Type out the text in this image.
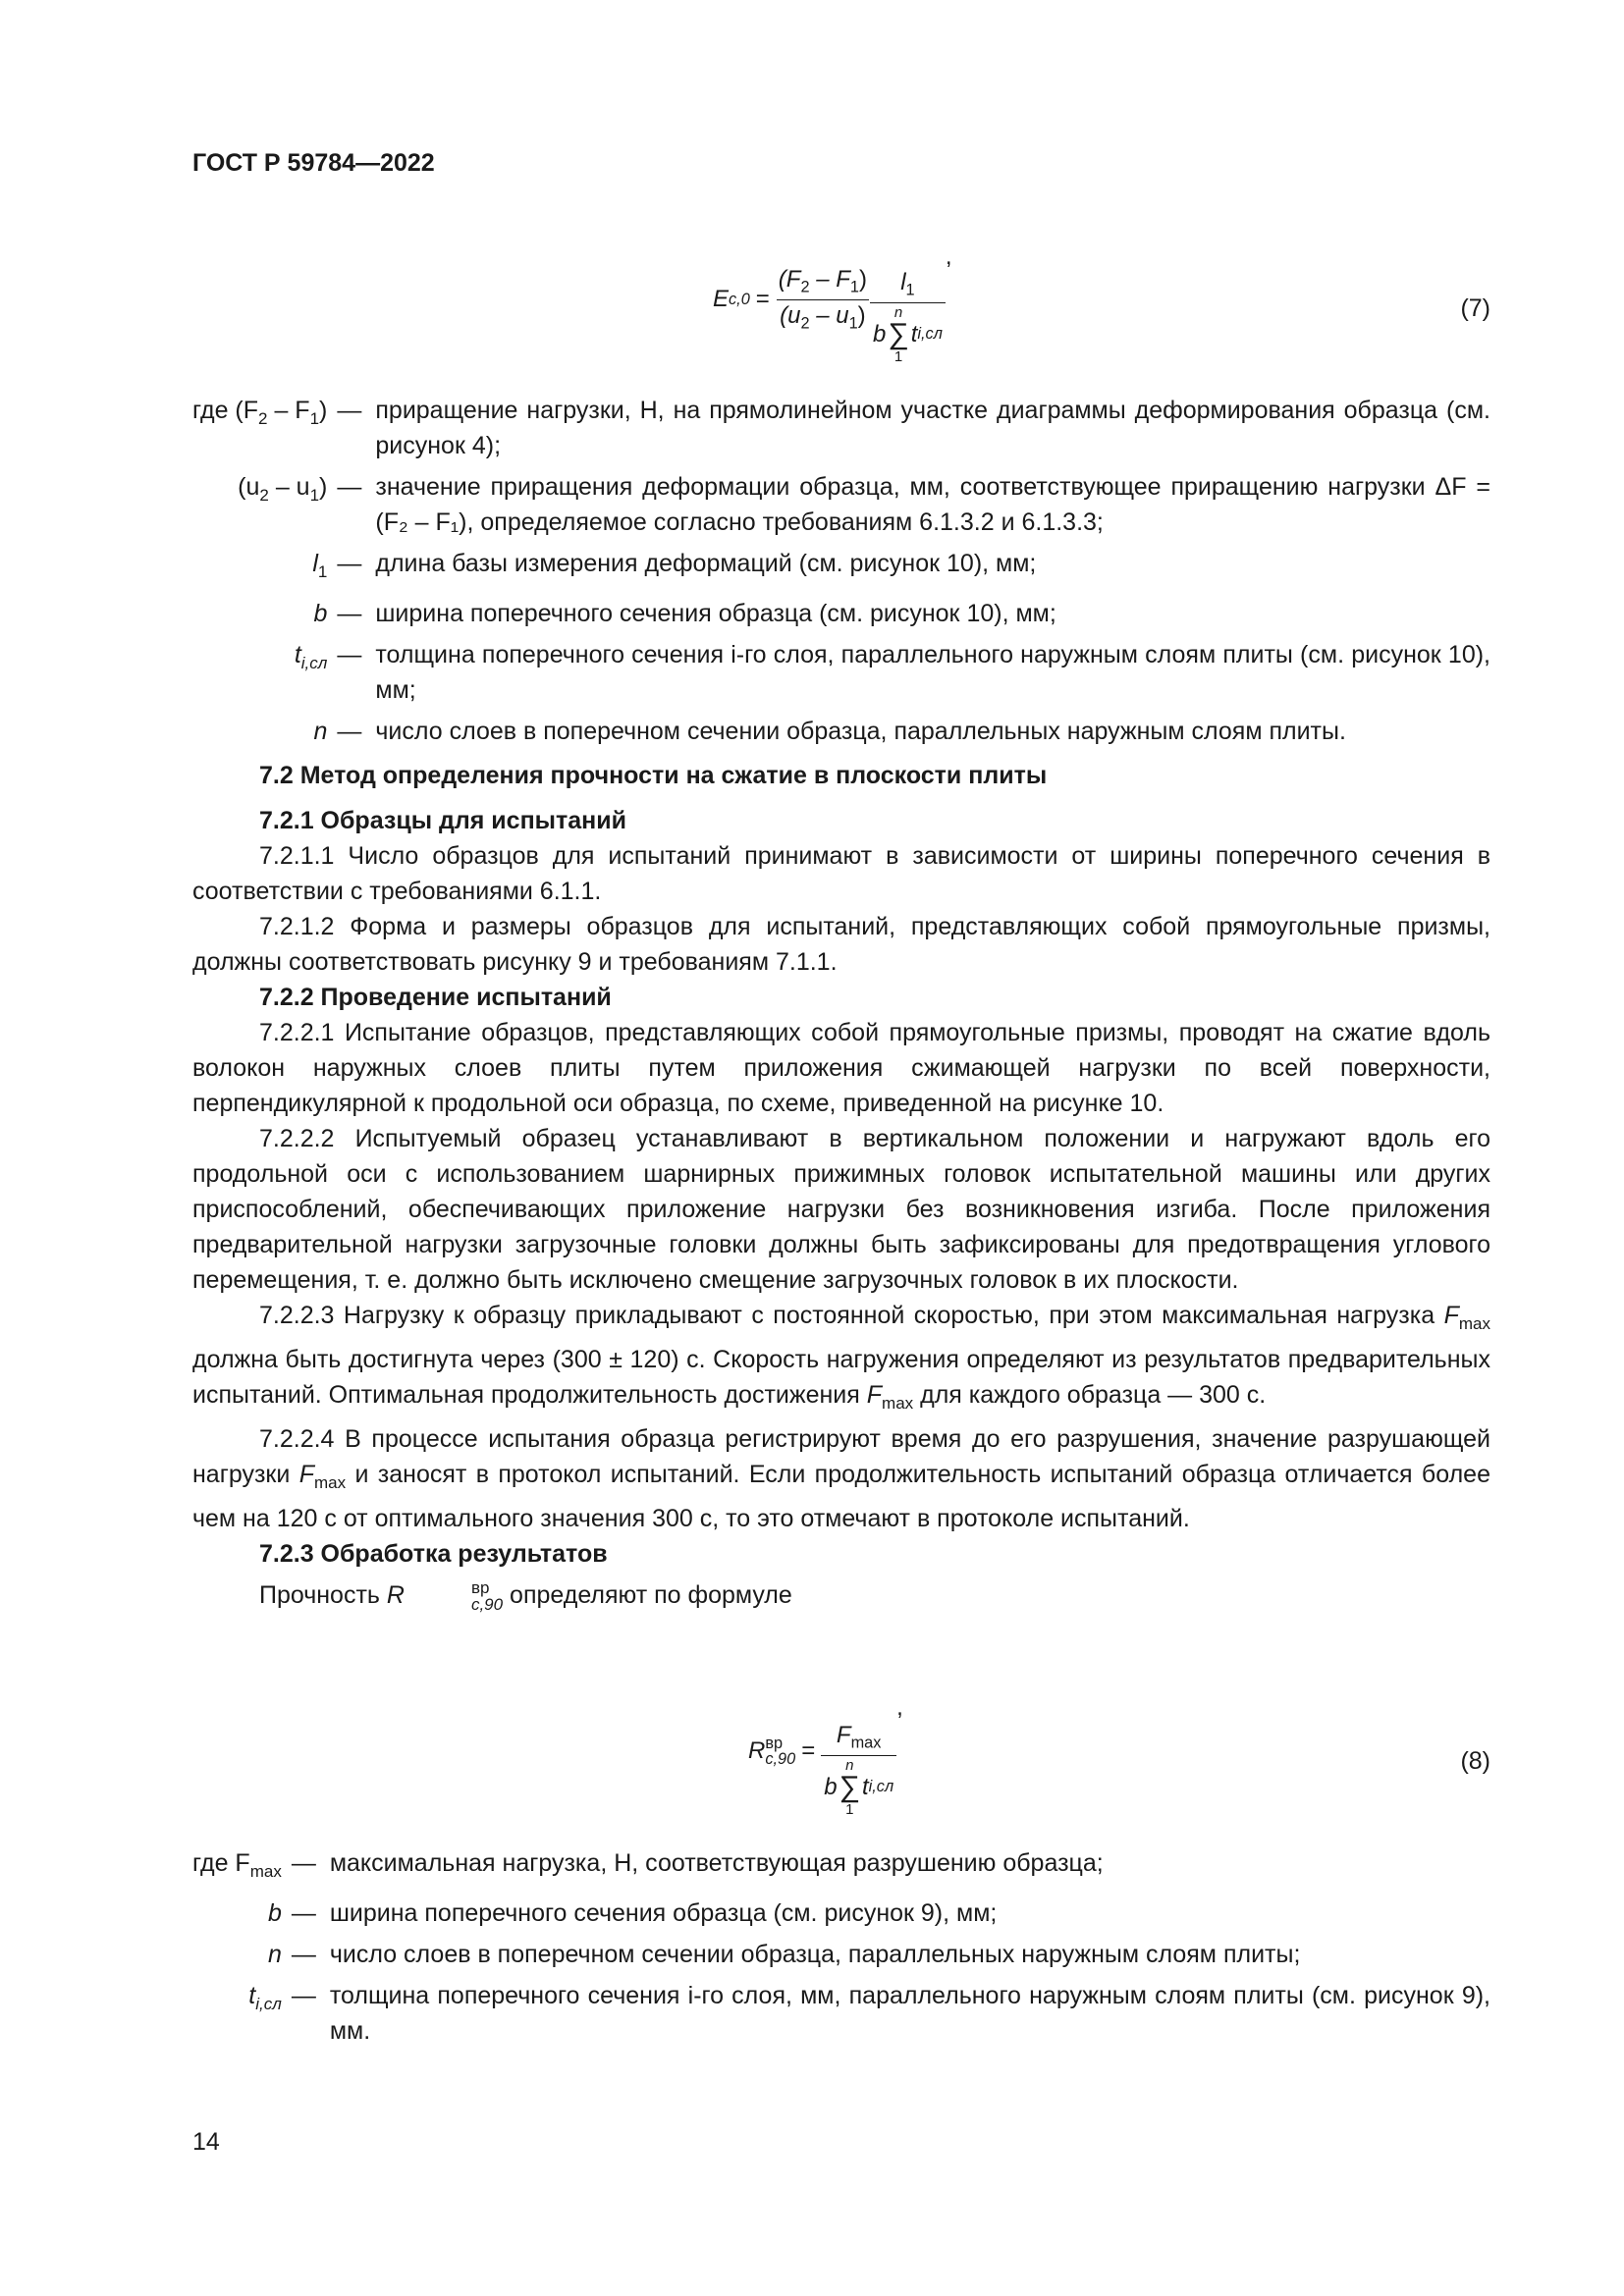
ГОСТ Р 59784—2022
E $c,0 = \frac{(F_2 - F_1)}{(u_2 - u_1)} l_1$
b
n
∑
1
t i,сл
,
(7)
где $(F_2 - F_1)$	—	приращение нагрузки, Н, на прямолинейном участке диаграммы деформирования образца (см. рисунок 4);
$(u_2 - u_1)$	—	значение приращения деформации образца, мм, соответствующее приращению нагрузки ΔF = (F₂ – F₁), определяемое согласно требованиям 6.1.3.2 и 6.1.3.3;
$l_1$	—	длина базы измерения деформаций (см. рисунок 10), мм;
b	—	ширина поперечного сечения образца (см. рисунок 10), мм;
$t_{i,сл}$	—	толщина поперечного сечения i-го слоя, параллельного наружным слоям плиты (см. рисунок 10), мм;
n	—	число слоев в поперечном сечении образца, параллельных наружным слоям плиты.
7.2 Метод определения прочности на сжатие в плоскости плиты
7.2.1 Образцы для испытаний

7.2.1.1 Число образцов для испытаний принимают в зависимости от ширины поперечного сечения в соответствии с требованиями 6.1.1.

7.2.1.2 Форма и размеры образцов для испытаний, представляющих собой прямоугольные призмы, должны соответствовать рисунку 9 и требованиям 7.1.1.

7.2.2 Проведение испытаний

7.2.2.1 Испытание образцов, представляющих собой прямоугольные призмы, проводят на сжатие вдоль волокон наружных слоев плиты путем приложения сжимающей нагрузки по всей поверхности, перпендикулярной к продольной оси образца, по схеме, приведенной на рисунке 10.

7.2.2.2 Испытуемый образец устанавливают в вертикальном положении и нагружают вдоль его продольной оси с использованием шарнирных прижимных головок испытательной машины или других приспособлений, обеспечивающих приложение нагрузки без возникновения изгиба. После приложения предварительной нагрузки загрузочные головки должны быть зафиксированы для предотвращения углового перемещения, т. е. должно быть исключено смещение загрузочных головок в их плоскости.

7.2.2.3 Нагрузку к образцу прикладывают с постоянной скоростью, при этом максимальная нагрузка $F_{max}$ должна быть достигнута через (300 ± 120) с. Скорость нагружения определяют из результатов предварительных испытаний. Оптимальная продолжительность достижения $F_{max}$ для каждого образца — 300 с.

7.2.2.4 В процессе испытания образца регистрируют время до его разрушения, значение разрушающей нагрузки $F_{max}$ и заносят в протокол испытаний. Если продолжительность испытаний образца отличается более чем на 120 с от оптимального значения 300 с, то это отмечают в протоколе испытаний.

7.2.3 Обработка результатов

Прочность R	вр
c,90 определяют по формуле

R вр
c,90 =
$F_{max}$
b
n
∑
1
t i,сл
,
(8)
где $F_{max}$	—	максимальная нагрузка, Н, соответствующая разрушению образца;
b	—	ширина поперечного сечения образца (см. рисунок 9), мм;
n	—	число слоев в поперечном сечении образца, параллельных наружным слоям плиты;
$t_{i,сл}$	—	толщина поперечного сечения i-го слоя, мм, параллельного наружным слоям плиты (см. рисунок 9), мм.
14
